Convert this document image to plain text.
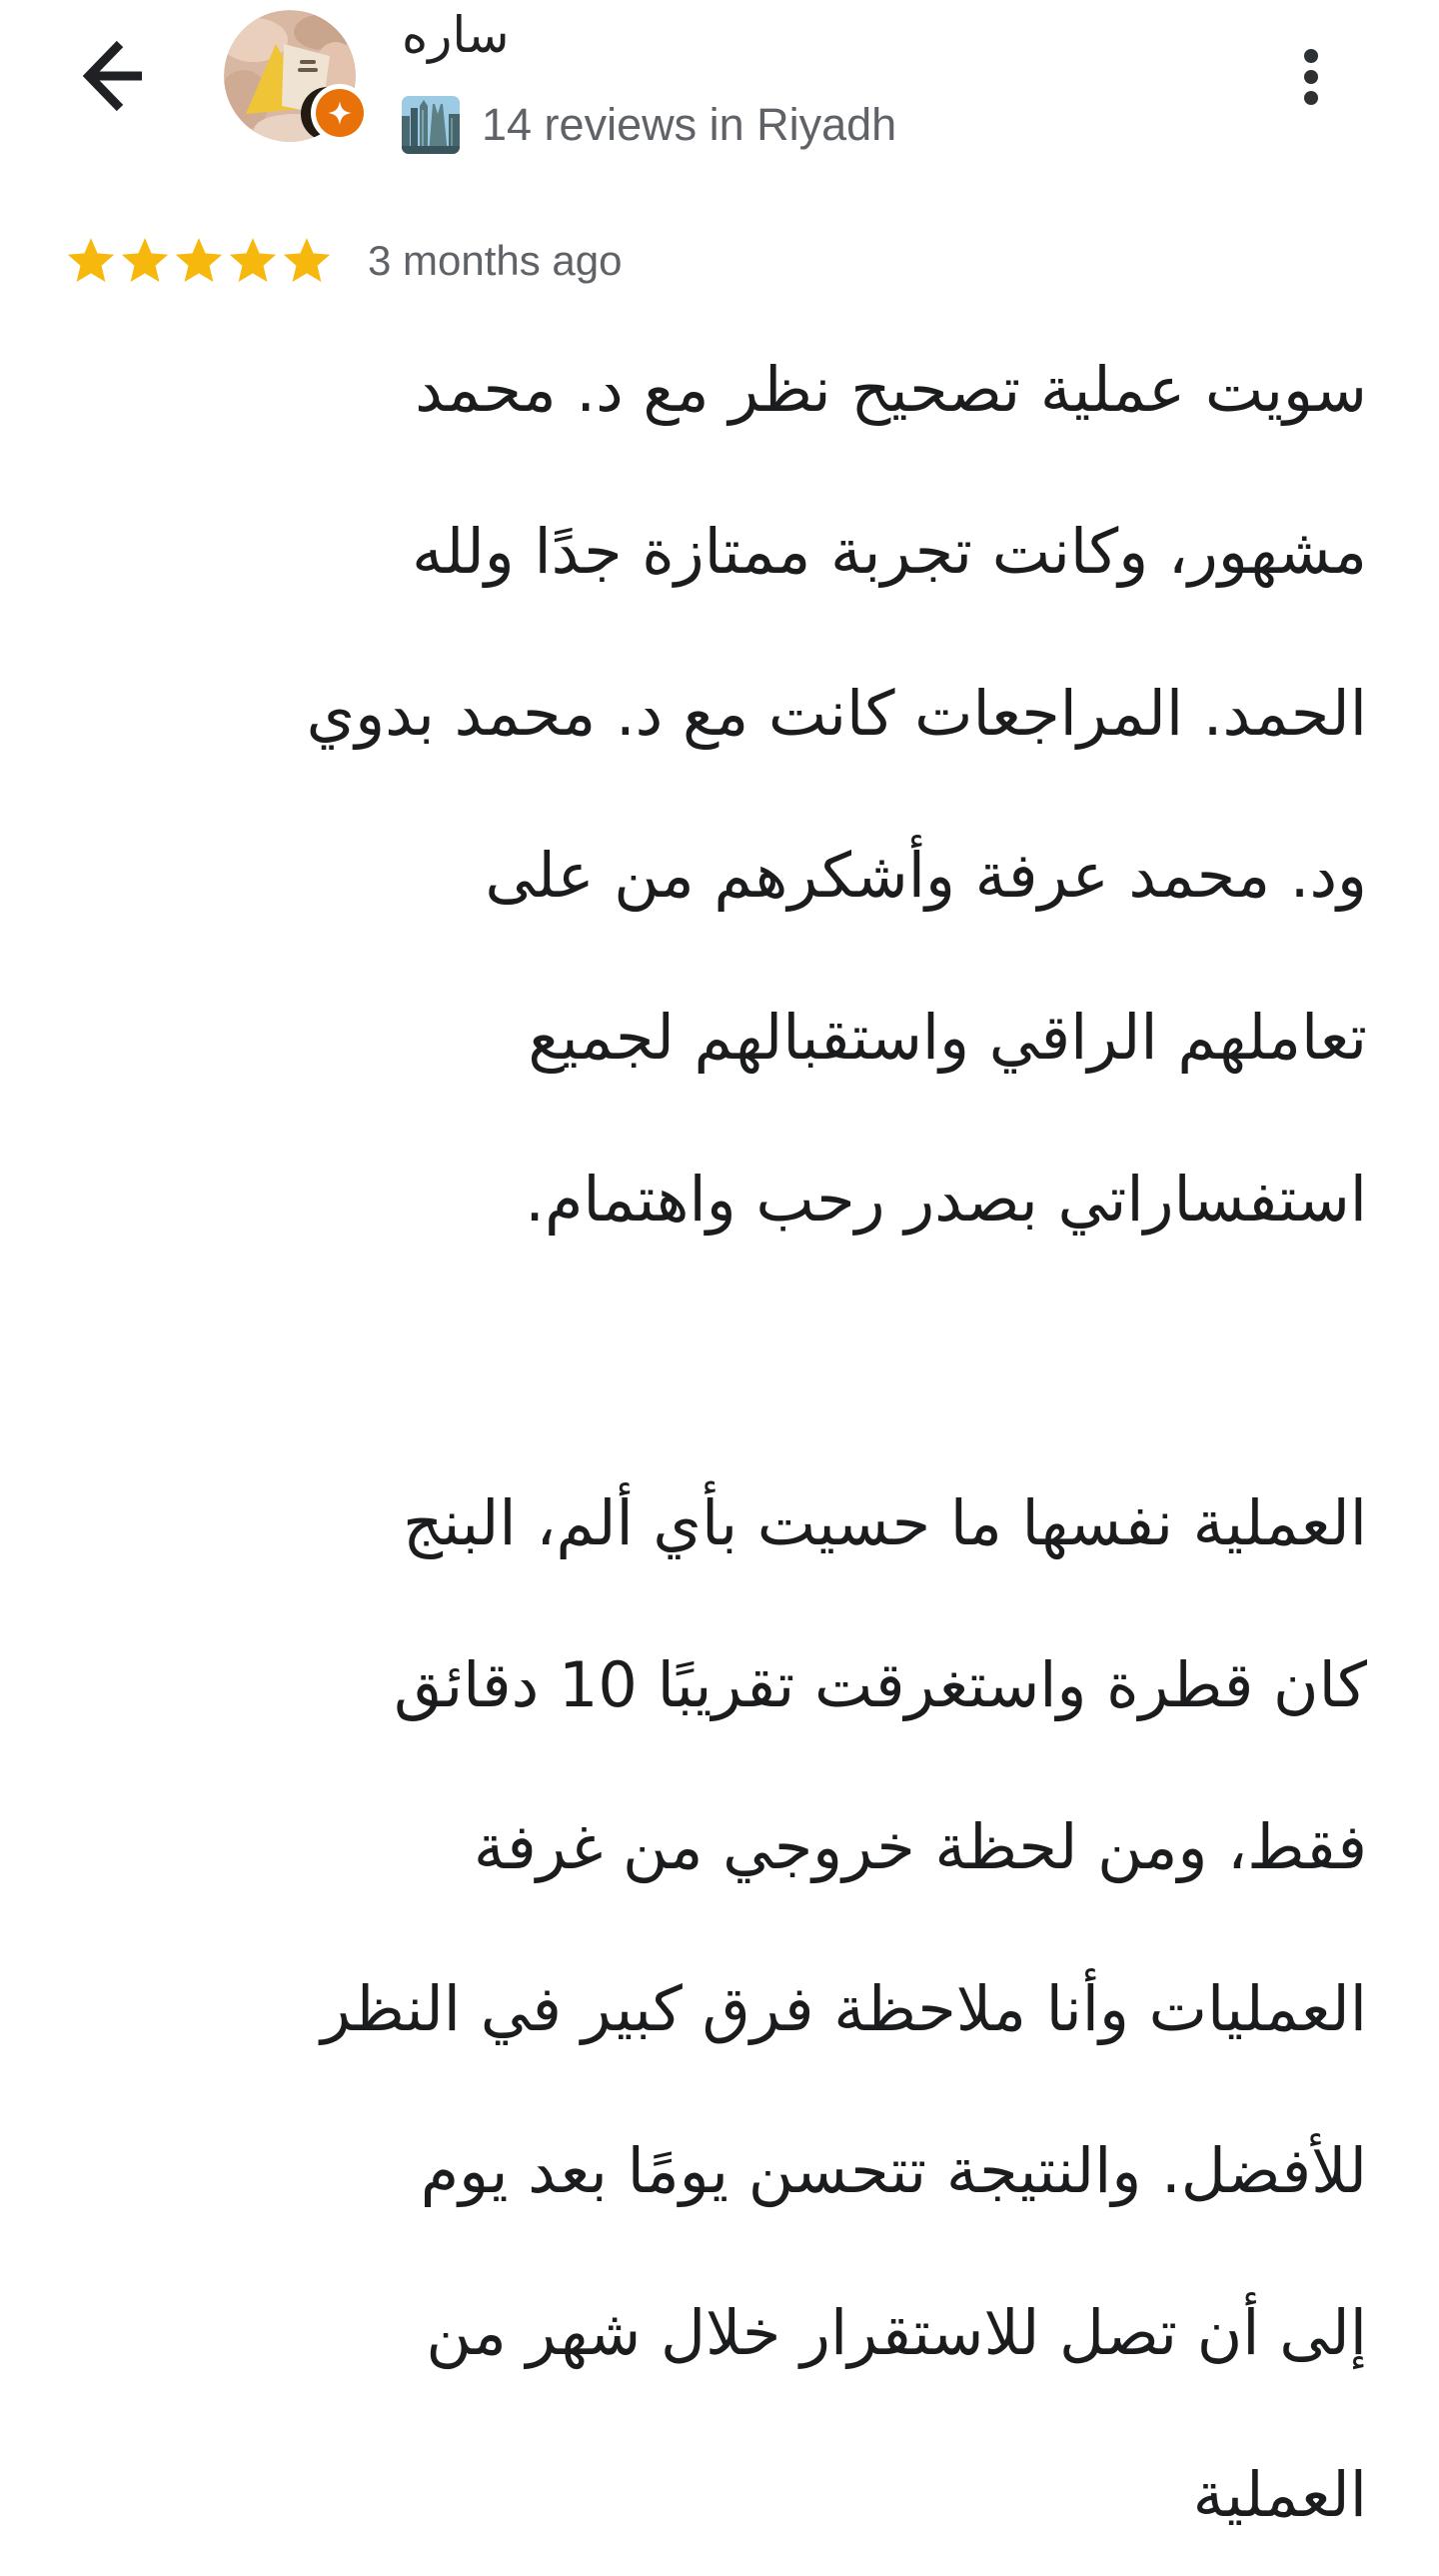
ساره
14 reviews in Riyadh
3 months ago
سويت عملية تصحيح نظر مع د. محمد
مشهور، وكانت تجربة ممتازة جدًا ولله
الحمد. المراجعات كانت مع د. محمد بدوي
ود. محمد عرفة وأشكرهم من على
تعاملهم الراقي واستقبالهم لجميع
استفساراتي بصدر رحب واهتمام.
العملية نفسها ما حسيت بأي ألم، البنج
كان قطرة واستغرقت تقريبًا 10 دقائق
فقط، ومن لحظة خروجي من غرفة
العمليات وأنا ملاحظة فرق كبير في النظر
للأفضل. والنتيجة تتحسن يومًا بعد يوم
إلى أن تصل للاستقرار خلال شهر من
العملية
